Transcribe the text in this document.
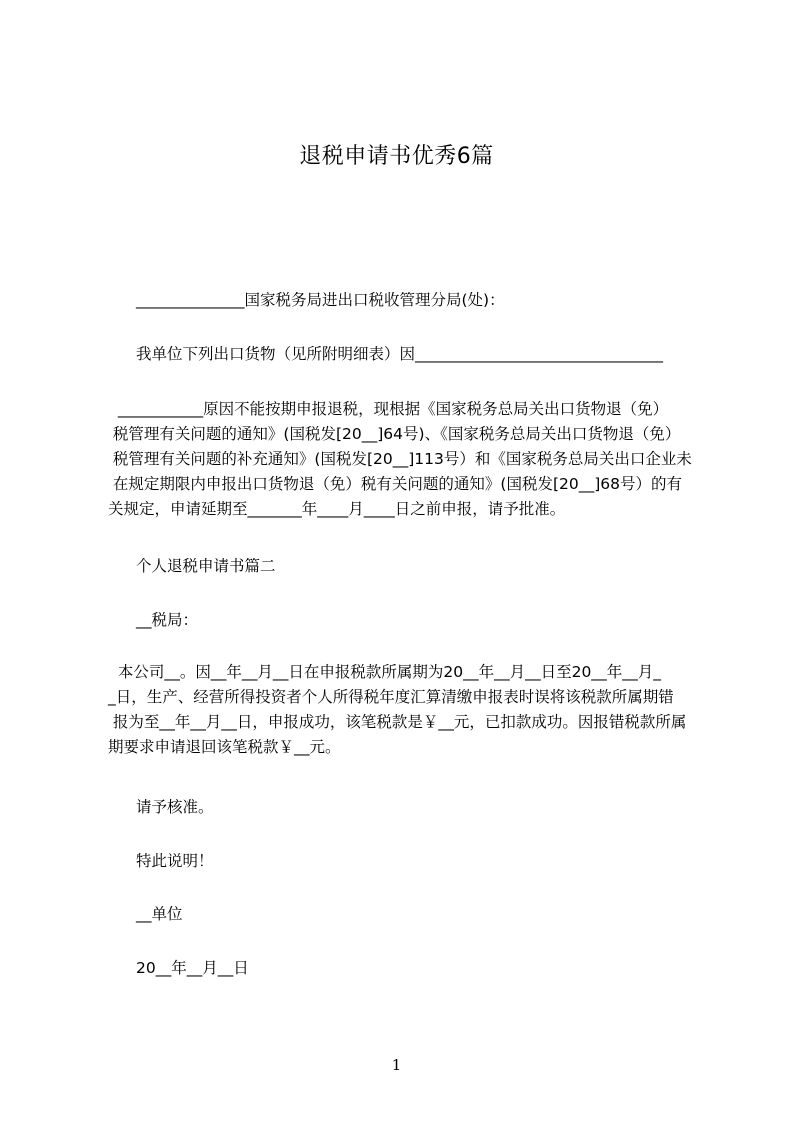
退税申请书优秀6篇
______________国家税务局进出口税收管理分局(处)：
我单位下列出口货物（见所附明细表）因________________________________
___________原因不能按期申报退税，现根据《国家税务总局关出口货物退（免）
税管理有关问题的通知》(国税发[20__]64号)、《国家税务总局关出口货物退（免）
税管理有关问题的补充通知》(国税发[20__]113号）和《国家税务总局关出口企业未
在规定期限内申报出口货物退（免）税有关问题的通知》(国税发[20__]68号）的有
关规定，申请延期至_______年____月____日之前申报，请予批准。
个人退税申请书篇二
__税局：
本公司__。因__年__月__日在申报税款所属期为20__年__月__日至20__年__月_
_日，生产、经营所得投资者个人所得税年度汇算清缴申报表时误将该税款所属期错
报为至__年__月__日，申报成功，该笔税款是￥__元，已扣款成功。因报错税款所属
期要求申请退回该笔税款￥__元。
请予核准。
特此说明！
__单位
20__年__月__日
1
